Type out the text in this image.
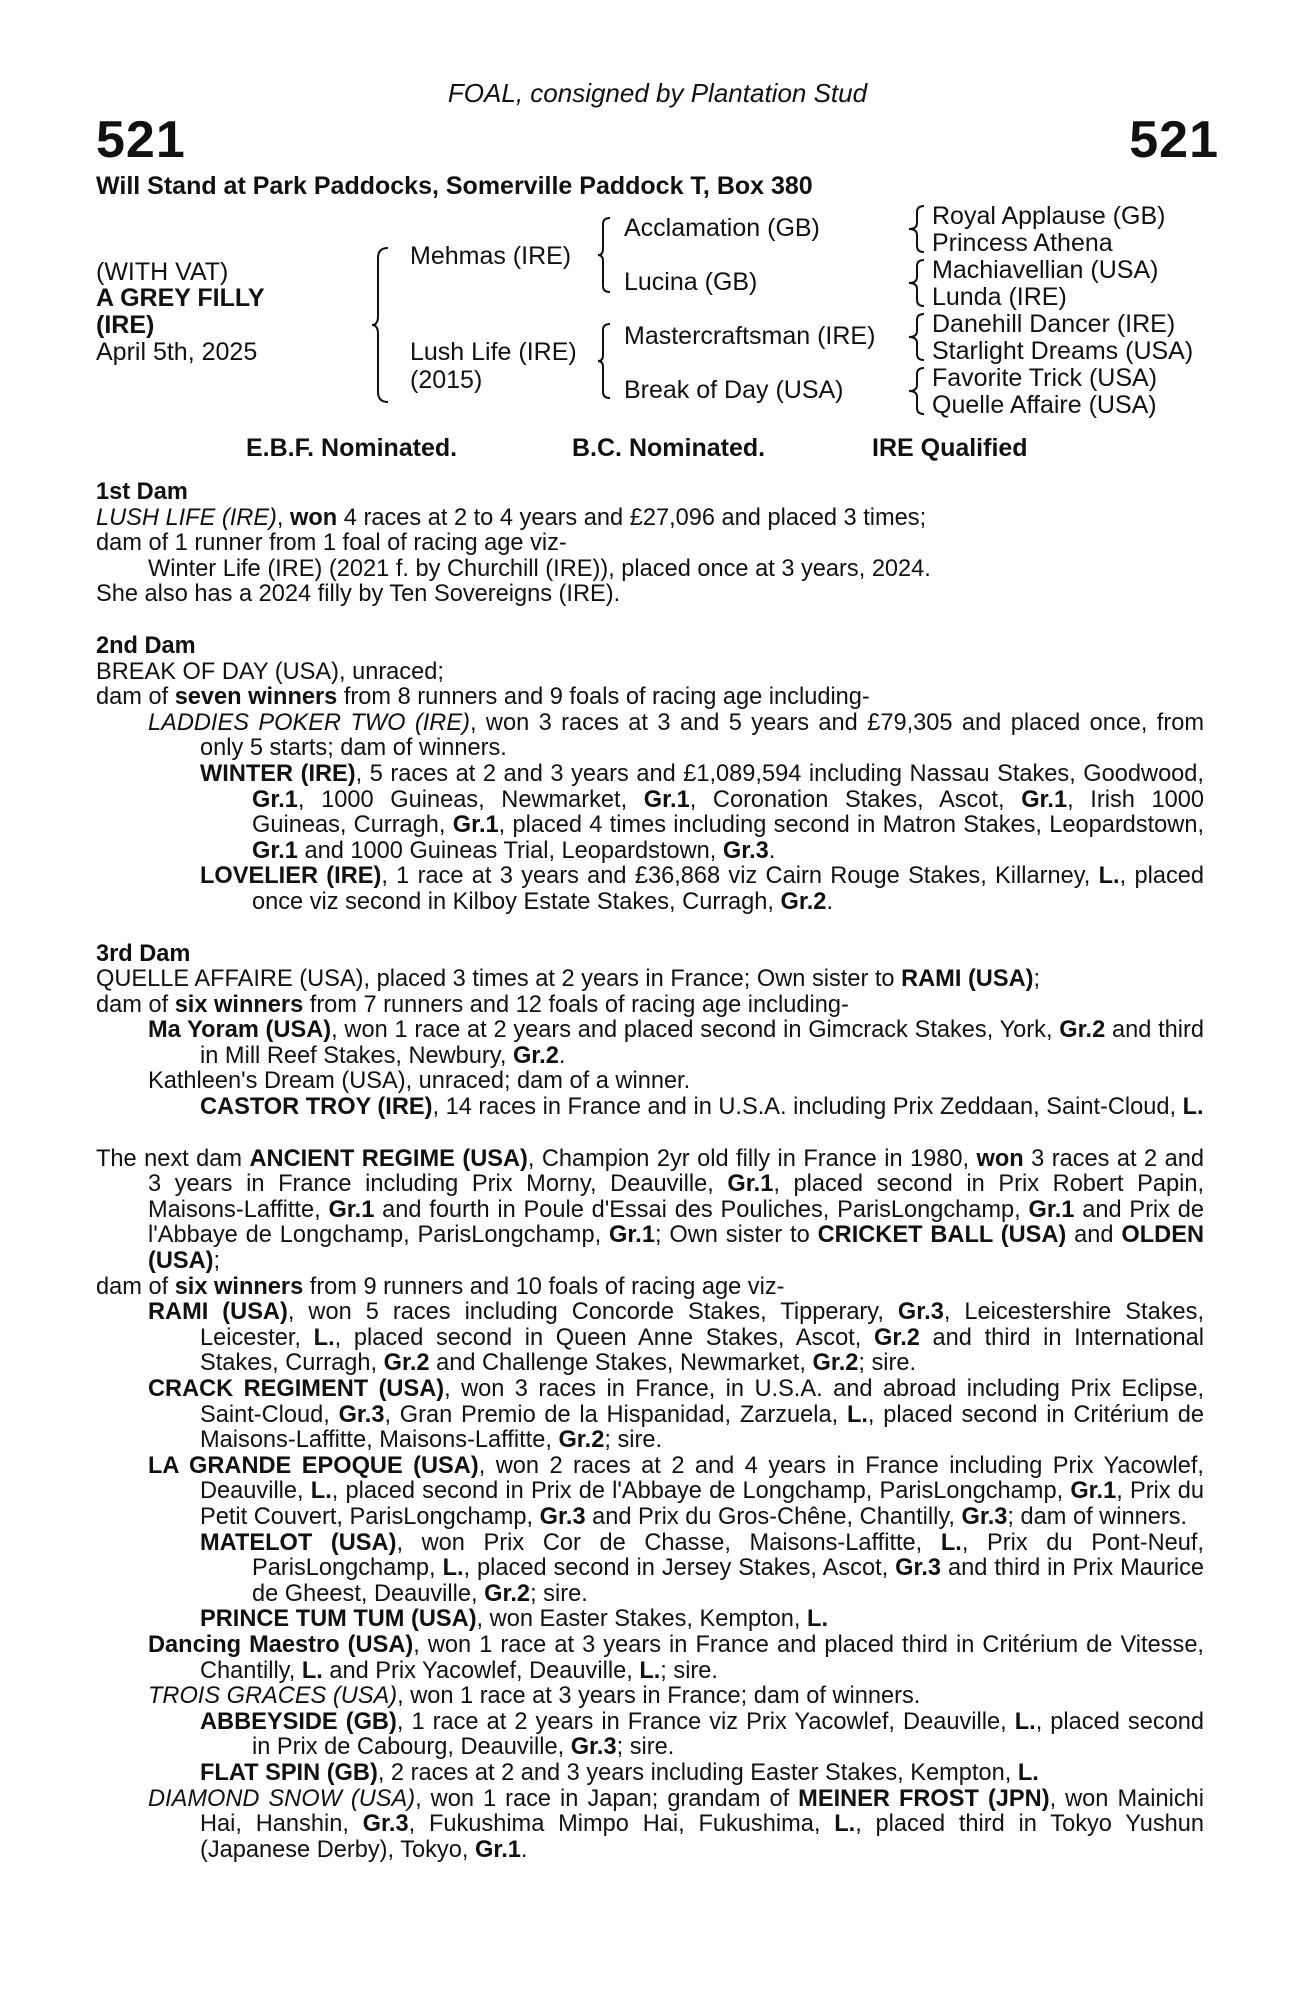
FOAL, consigned by Plantation Stud
521	521
Will Stand at Park Paddocks, Somerville Paddock T, Box 380
(WITH VAT)
A GREY FILLY
(IRE)
April 5th, 2025
Mehmas (IRE)
Lush Life (IRE)
(2015)
Acclamation (GB)
Lucina (GB)
Mastercraftsman (IRE)
Break of Day (USA)
Royal Applause (GB)
Princess Athena
Machiavellian (USA)
Lunda (IRE)
Danehill Dancer (IRE)
Starlight Dreams (USA)
Favorite Trick (USA)
Quelle Affaire (USA)
E.B.F. Nominated.	B.C. Nominated.	IRE Qualified

1st Dam

LUSH LIFE (IRE), won 4 races at 2 to 4 years and £27,096 and placed 3 times;

dam of 1 runner from 1 foal of racing age viz-

Winter Life (IRE) (2021 f. by Churchill (IRE)), placed once at 3 years, 2024.

She also has a 2024 filly by Ten Sovereigns (IRE).

2nd Dam

BREAK OF DAY (USA), unraced;

dam of seven winners from 8 runners and 9 foals of racing age including-

LADDIES POKER TWO (IRE), won 3 races at 3 and 5 years and £79,305 and placed once, from only 5 starts; dam of winners.

WINTER (IRE), 5 races at 2 and 3 years and £1,089,594 including Nassau Stakes, Goodwood, Gr.1, 1000 Guineas, Newmarket, Gr.1, Coronation Stakes, Ascot, Gr.1, Irish 1000 Guineas, Curragh, Gr.1, placed 4 times including second in Matron Stakes, Leopardstown, Gr.1 and 1000 Guineas Trial, Leopardstown, Gr.3.

LOVELIER (IRE), 1 race at 3 years and £36,868 viz Cairn Rouge Stakes, Killarney, L., placed once viz second in Kilboy Estate Stakes, Curragh, Gr.2.

3rd Dam

QUELLE AFFAIRE (USA), placed 3 times at 2 years in France; Own sister to RAMI (USA);

dam of six winners from 7 runners and 12 foals of racing age including-

Ma Yoram (USA), won 1 race at 2 years and placed second in Gimcrack Stakes, York, Gr.2 and third in Mill Reef Stakes, Newbury, Gr.2.

Kathleen's Dream (USA), unraced; dam of a winner.

CASTOR TROY (IRE), 14 races in France and in U.S.A. including Prix Zeddaan, Saint-Cloud, L.

The next dam ANCIENT REGIME (USA), Champion 2yr old filly in France in 1980, won 3 races at 2 and 3 years in France including Prix Morny, Deauville, Gr.1, placed second in Prix Robert Papin, Maisons-Laffitte, Gr.1 and fourth in Poule d'Essai des Pouliches, ParisLongchamp, Gr.1 and Prix de l'Abbaye de Longchamp, ParisLongchamp, Gr.1; Own sister to CRICKET BALL (USA) and OLDEN (USA);

dam of six winners from 9 runners and 10 foals of racing age viz-

RAMI (USA), won 5 races including Concorde Stakes, Tipperary, Gr.3, Leicestershire Stakes, Leicester, L., placed second in Queen Anne Stakes, Ascot, Gr.2 and third in International Stakes, Curragh, Gr.2 and Challenge Stakes, Newmarket, Gr.2; sire.

CRACK REGIMENT (USA), won 3 races in France, in U.S.A. and abroad including Prix Eclipse, Saint-Cloud, Gr.3, Gran Premio de la Hispanidad, Zarzuela, L., placed second in Critérium de Maisons-Laffitte, Maisons-Laffitte, Gr.2; sire.

LA GRANDE EPOQUE (USA), won 2 races at 2 and 4 years in France including Prix Yacowlef, Deauville, L., placed second in Prix de l'Abbaye de Longchamp, ParisLongchamp, Gr.1, Prix du Petit Couvert, ParisLongchamp, Gr.3 and Prix du Gros-Chêne, Chantilly, Gr.3; dam of winners.

MATELOT (USA), won Prix Cor de Chasse, Maisons-Laffitte, L., Prix du Pont-Neuf, ParisLongchamp, L., placed second in Jersey Stakes, Ascot, Gr.3 and third in Prix Maurice de Gheest, Deauville, Gr.2; sire.

PRINCE TUM TUM (USA), won Easter Stakes, Kempton, L.

Dancing Maestro (USA), won 1 race at 3 years in France and placed third in Critérium de Vitesse, Chantilly, L. and Prix Yacowlef, Deauville, L.; sire.

TROIS GRACES (USA), won 1 race at 3 years in France; dam of winners.

ABBEYSIDE (GB), 1 race at 2 years in France viz Prix Yacowlef, Deauville, L., placed second in Prix de Cabourg, Deauville, Gr.3; sire.

FLAT SPIN (GB), 2 races at 2 and 3 years including Easter Stakes, Kempton, L.

DIAMOND SNOW (USA), won 1 race in Japan; grandam of MEINER FROST (JPN), won Mainichi Hai, Hanshin, Gr.3, Fukushima Mimpo Hai, Fukushima, L., placed third in Tokyo Yushun (Japanese Derby), Tokyo, Gr.1.
